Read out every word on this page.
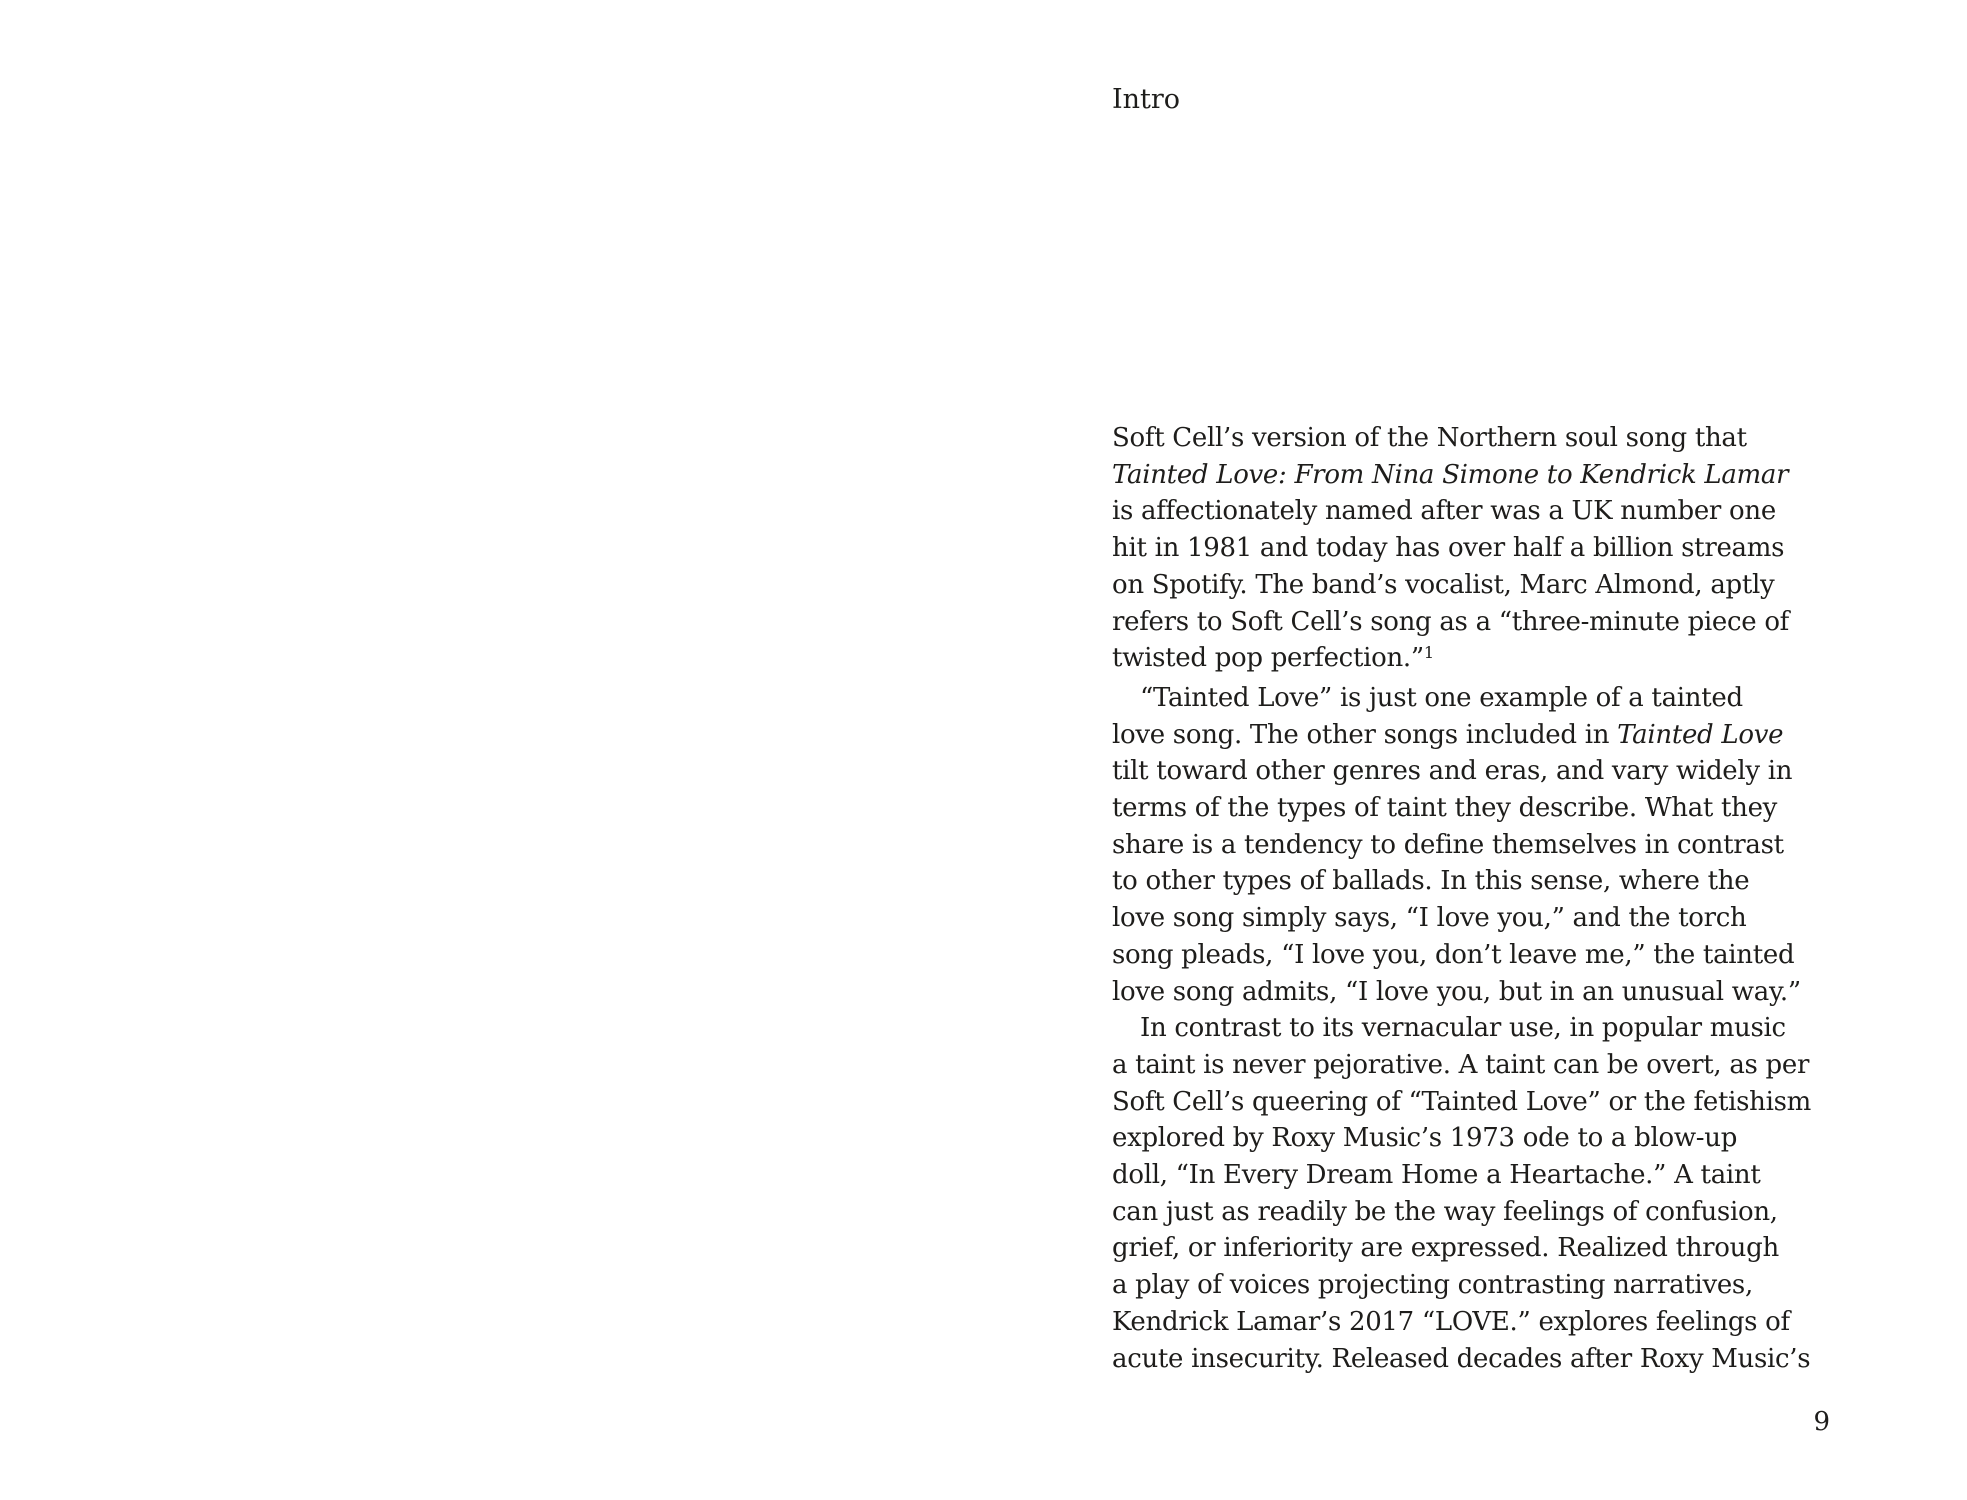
Intro
Soft Cell’s version of the Northern soul song that
Tainted Love: From Nina Simone to Kendrick Lamar
is affectionately named after was a UK number one
hit in 1981 and today has over half a billion streams
on Spotify. The band’s vocalist, Marc Almond, aptly
refers to Soft Cell’s song as a “three-minute piece of
twisted pop perfection.”$^1$
“Tainted Love” is just one example of a tainted
love song. The other songs included in Tainted Love
tilt toward other genres and eras, and vary widely in
terms of the types of taint they describe. What they
share is a tendency to define themselves in contrast
to other types of ballads. In this sense, where the
love song simply says, “I love you,” and the torch
song pleads, “I love you, don’t leave me,” the tainted
love song admits, “I love you, but in an unusual way.”
In contrast to its vernacular use, in popular music
a taint is never pejorative. A taint can be overt, as per
Soft Cell’s queering of “Tainted Love” or the fetishism
explored by Roxy Music’s 1973 ode to a blow-up
doll, “In Every Dream Home a Heartache.” A taint
can just as readily be the way feelings of confusion,
grief, or inferiority are expressed. Realized through
a play of voices projecting contrasting narratives,
Kendrick Lamar’s 2017 “LOVE.” explores feelings of
acute insecurity. Released decades after Roxy Music’s
9
